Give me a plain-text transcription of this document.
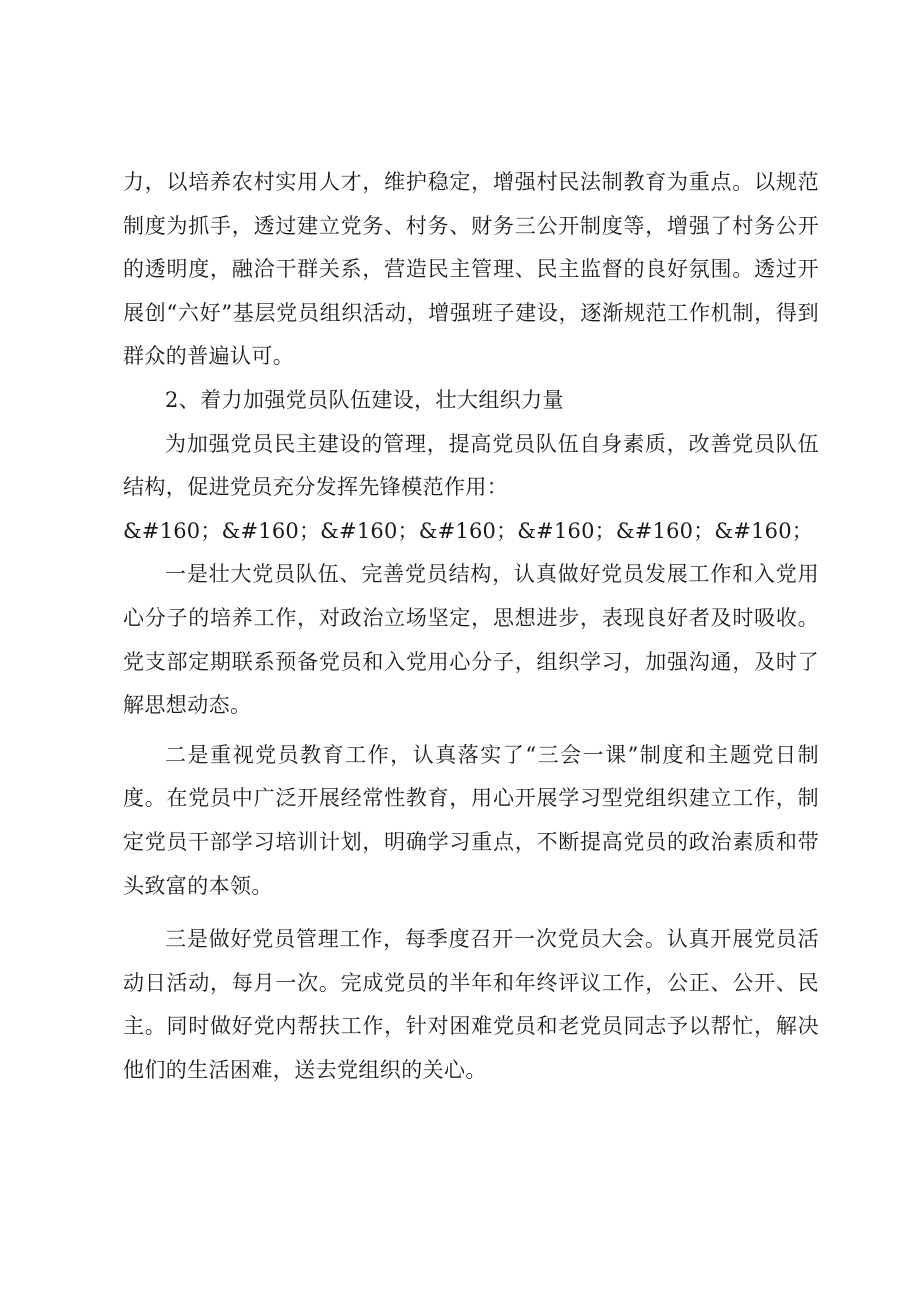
力，以培养农村实用人才，维护稳定，增强村民法制教育为重点。以规范制度为抓手，透过建立党务、村务、财务三公开制度等，增强了村务公开的透明度，融洽干群关系，营造民主管理、民主监督的良好氛围。透过开展创“六好”基层党员组织活动，增强班子建设，逐渐规范工作机制，得到群众的普遍认可。

2、着力加强党员队伍建设，壮大组织力量

为加强党员民主建设的管理，提高党员队伍自身素质，改善党员队伍结构，促进党员充分发挥先锋模范作用：

&#160；&#160；&#160；&#160；&#160；&#160；&#160；

一是壮大党员队伍、完善党员结构，认真做好党员发展工作和入党用心分子的培养工作，对政治立场坚定，思想进步，表现良好者及时吸收。党支部定期联系预备党员和入党用心分子，组织学习，加强沟通，及时了解思想动态。

二是重视党员教育工作，认真落实了“三会一课”制度和主题党日制度。在党员中广泛开展经常性教育，用心开展学习型党组织建立工作，制定党员干部学习培训计划，明确学习重点，不断提高党员的政治素质和带头致富的本领。

三是做好党员管理工作，每季度召开一次党员大会。认真开展党员活动日活动，每月一次。完成党员的半年和年终评议工作，公正、公开、民主。同时做好党内帮扶工作，针对困难党员和老党员同志予以帮忙，解决他们的生活困难，送去党组织的关心。
